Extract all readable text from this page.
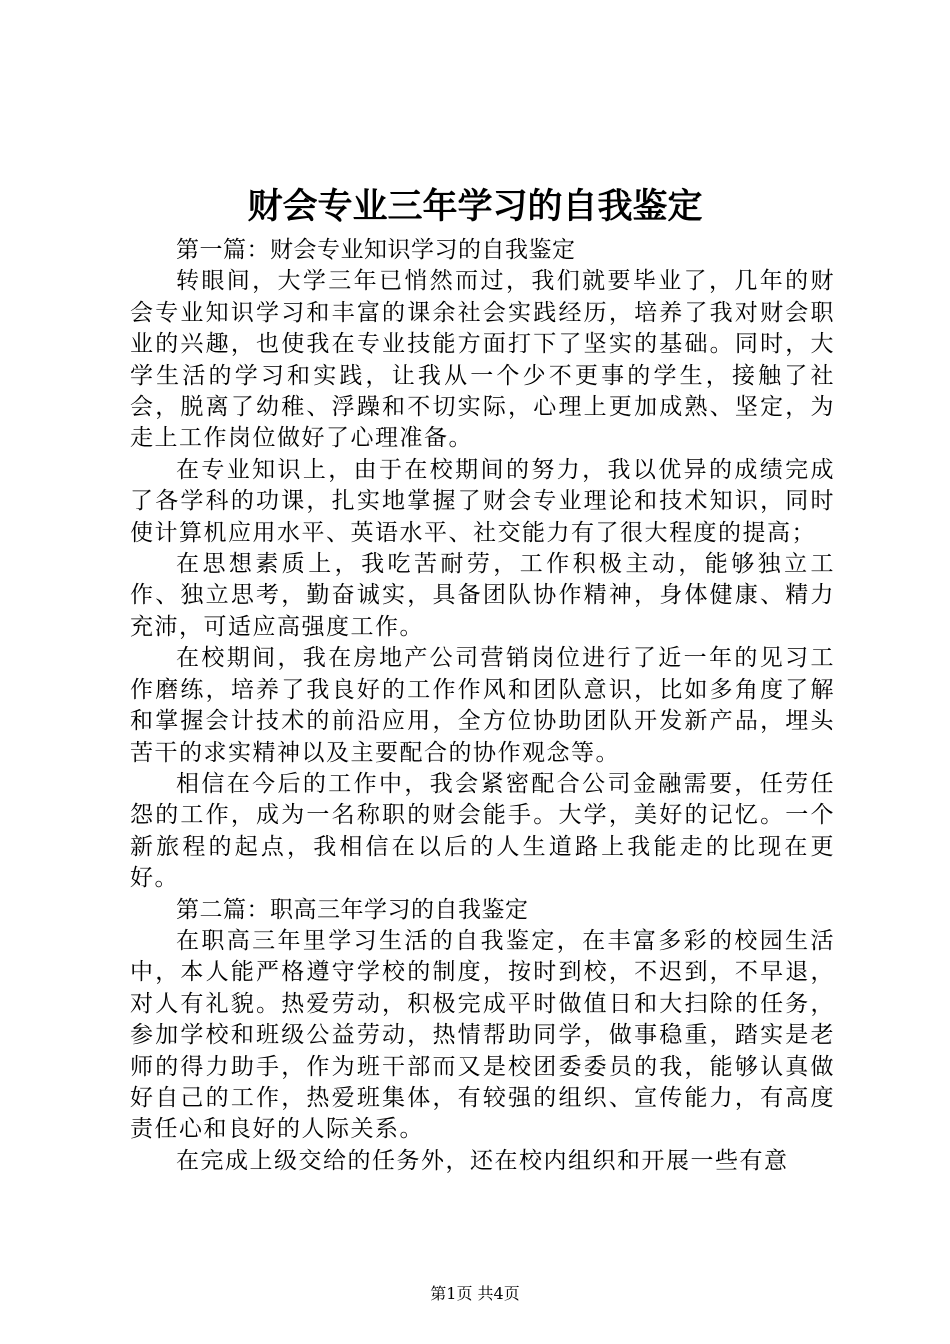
财会专业三年学习的自我鉴定

第一篇：财会专业知识学习的自我鉴定

转眼间，大学三年已悄然而过，我们就要毕业了，几年的财会专业知识学习和丰富的课余社会实践经历，培养了我对财会职业的兴趣，也使我在专业技能方面打下了坚实的基础。同时，大学生活的学习和实践，让我从一个少不更事的学生，接触了社会，脱离了幼稚、浮躁和不切实际，心理上更加成熟、坚定，为走上工作岗位做好了心理准备。

在专业知识上，由于在校期间的努力，我以优异的成绩完成了各学科的功课，扎实地掌握了财会专业理论和技术知识，同时使计算机应用水平、英语水平、社交能力有了很大程度的提高；

在思想素质上，我吃苦耐劳，工作积极主动，能够独立工作、独立思考，勤奋诚实，具备团队协作精神，身体健康、精力充沛，可适应高强度工作。

在校期间，我在房地产公司营销岗位进行了近一年的见习工作磨练，培养了我良好的工作作风和团队意识，比如多角度了解和掌握会计技术的前沿应用，全方位协助团队开发新产品，埋头苦干的求实精神以及主要配合的协作观念等。

相信在今后的工作中，我会紧密配合公司金融需要，任劳任怨的工作，成为一名称职的财会能手。大学，美好的记忆。一个新旅程的起点，我相信在以后的人生道路上我能走的比现在更好。

第二篇：职高三年学习的自我鉴定

在职高三年里学习生活的自我鉴定，在丰富多彩的校园生活中，本人能严格遵守学校的制度，按时到校，不迟到，不早退，对人有礼貌。热爱劳动，积极完成平时做值日和大扫除的任务，参加学校和班级公益劳动，热情帮助同学，做事稳重，踏实是老师的得力助手，作为班干部而又是校团委委员的我，能够认真做好自己的工作，热爱班集体，有较强的组织、宣传能力，有高度责任心和良好的人际关系。

在完成上级交给的任务外，还在校内组织和开展一些有意

第1页 共4页
